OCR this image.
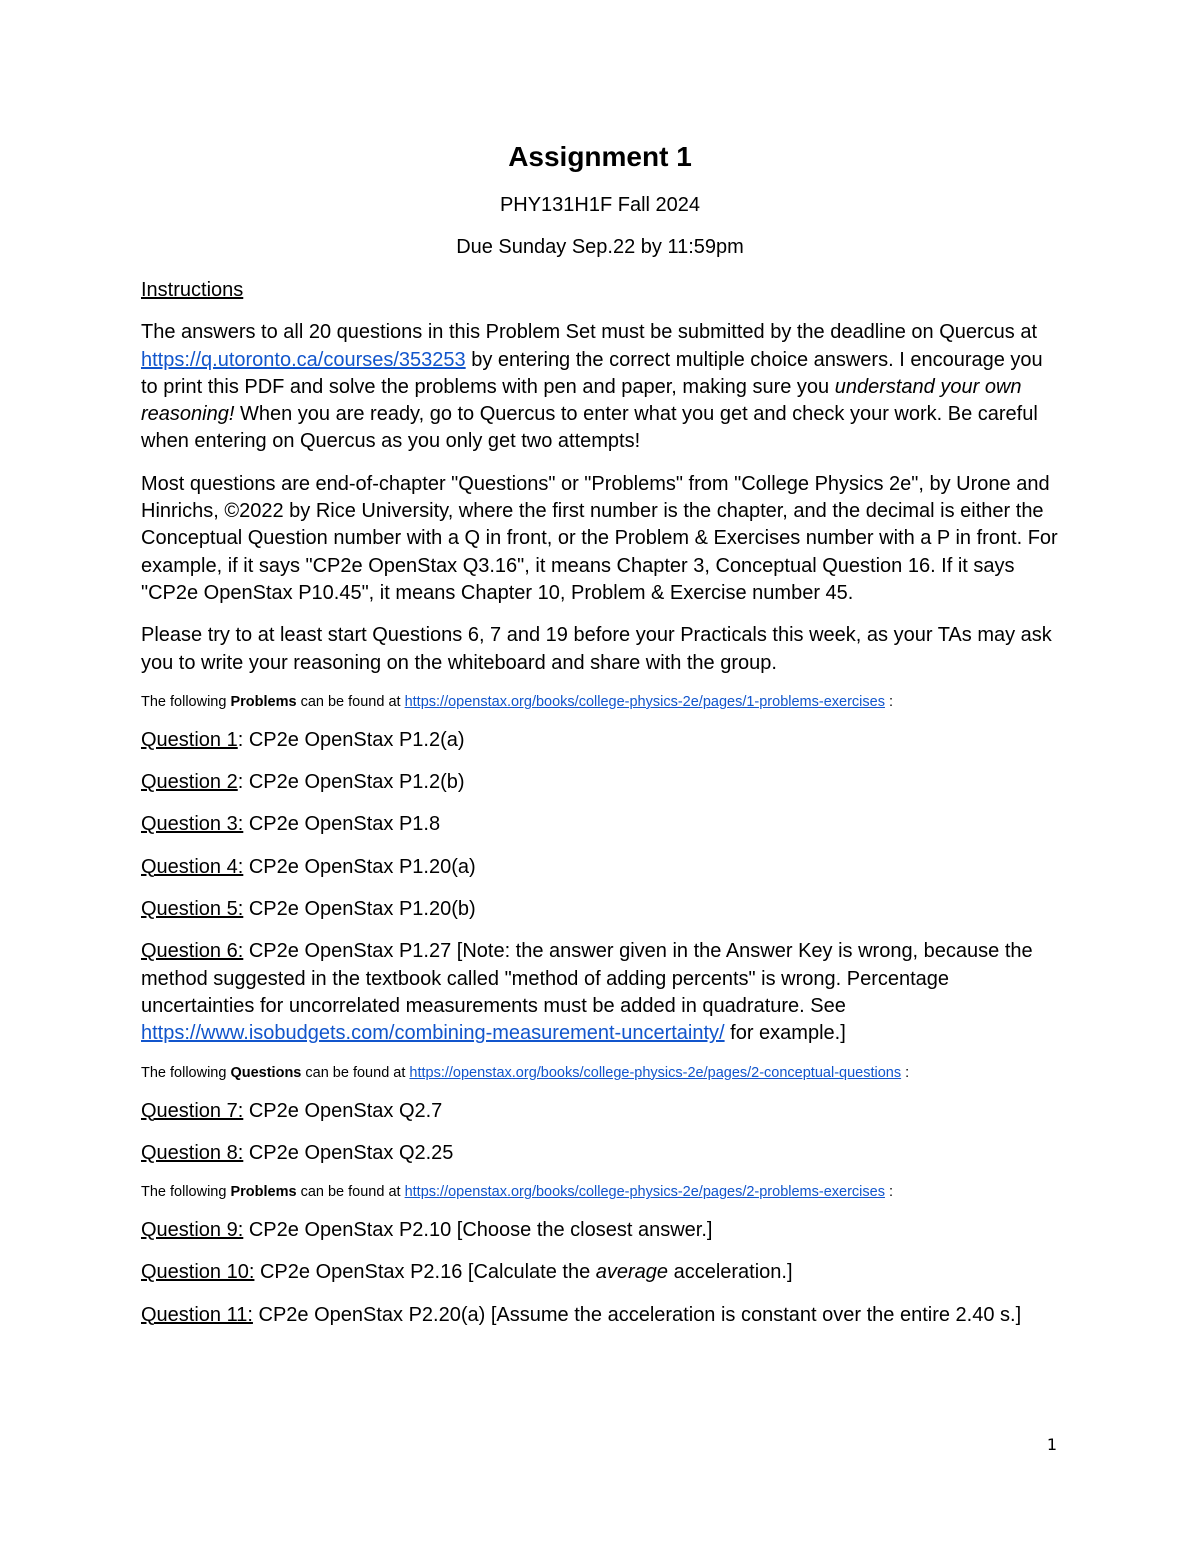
Assignment 1
PHY131H1F Fall 2024
Due Sunday Sep.22 by 11:59pm

Instructions

The answers to all 20 questions in this Problem Set must be submitted by the deadline on Quercus at https://q.utoronto.ca/courses/353253 by entering the correct multiple choice answers. I encourage you to print this PDF and solve the problems with pen and paper, making sure you understand your own reasoning! When you are ready, go to Quercus to enter what you get and check your work. Be careful when entering on Quercus as you only get two attempts!

Most questions are end-of-chapter "Questions" or "Problems" from "College Physics 2e", by Urone and Hinrichs, ©2022 by Rice University, where the first number is the chapter, and the decimal is either the Conceptual Question number with a Q in front, or the Problem & Exercises number with a P in front. For example, if it says "CP2e OpenStax Q3.16", it means Chapter 3, Conceptual Question 16. If it says "CP2e OpenStax P10.45", it means Chapter 10, Problem & Exercise number 45.

Please try to at least start Questions 6, 7 and 19 before your Practicals this week, as your TAs may ask you to write your reasoning on the whiteboard and share with the group.

The following Problems can be found at https://openstax.org/books/college-physics-2e/pages/1-problems-exercises :

Question 1: CP2e OpenStax P1.2(a)

Question 2: CP2e OpenStax P1.2(b)

Question 3: CP2e OpenStax P1.8

Question 4: CP2e OpenStax P1.20(a)

Question 5: CP2e OpenStax P1.20(b)

Question 6: CP2e OpenStax P1.27 [Note: the answer given in the Answer Key is wrong, because the method suggested in the textbook called "method of adding percents" is wrong. Percentage uncertainties for uncorrelated measurements must be added in quadrature. See https://www.isobudgets.com/combining-measurement-uncertainty/ for example.]

The following Questions can be found at https://openstax.org/books/college-physics-2e/pages/2-conceptual-questions :

Question 7: CP2e OpenStax Q2.7

Question 8: CP2e OpenStax Q2.25

The following Problems can be found at https://openstax.org/books/college-physics-2e/pages/2-problems-exercises :

Question 9: CP2e OpenStax P2.10 [Choose the closest answer.]

Question 10: CP2e OpenStax P2.16 [Calculate the average acceleration.]

Question 11: CP2e OpenStax P2.20(a) [Assume the acceleration is constant over the entire 2.40 s.]

1
